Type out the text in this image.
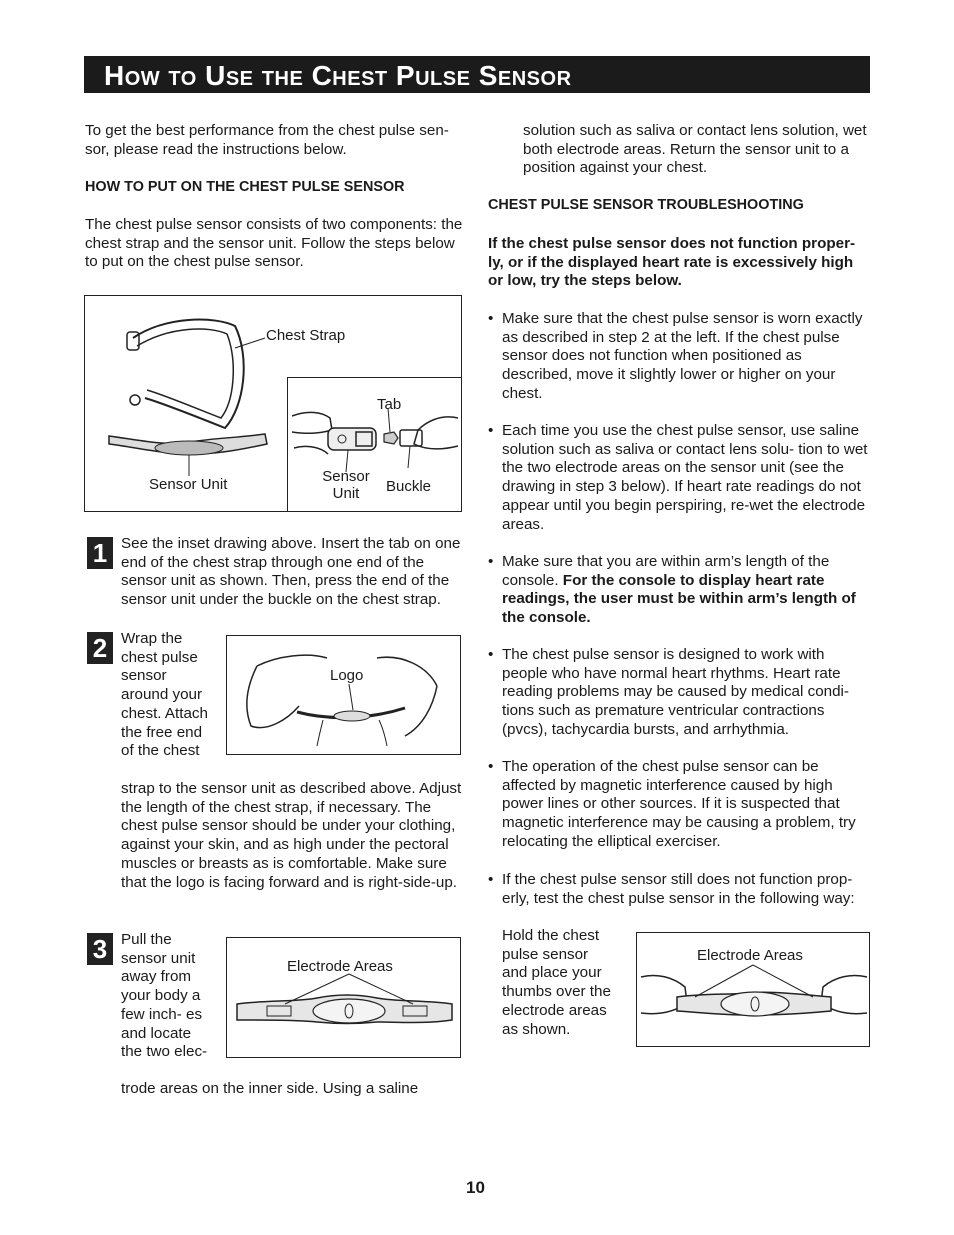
How to Use the Chest Pulse Sensor
To get the best performance from the chest pulse sen- sor, please read the instructions below.
HOW TO PUT ON THE CHEST PULSE SENSOR
The chest pulse sensor consists of two components: the chest strap and the sensor unit. Follow the steps below to put on the chest pulse sensor.
Chest Strap
Sensor Unit
Tab
Sensor Unit	Buckle
1 See the inset drawing above. Insert the tab on one end of the chest strap through one end of the sensor unit as shown. Then, press the end of the sensor unit under the buckle on the chest strap.
2 Wrap the chest pulse sensor around your chest. Attach the free end of the chest
strap to the sensor unit as described above. Adjust the length of the chest strap, if necessary. The chest pulse sensor should be under your clothing, against your skin, and as high under the pectoral muscles or breasts as is comfortable. Make sure that the logo is facing forward and is right-side-up.
Logo
3 Pull the sensor unit away from your body a few inch- es and locate the two elec-
trode areas on the inner side. Using a saline
Electrode Areas
solution such as saliva or contact lens solution, wet both electrode areas. Return the sensor unit to a position against your chest.
CHEST PULSE SENSOR TROUBLESHOOTING
If the chest pulse sensor does not function proper- ly, or if the displayed heart rate is excessively high or low, try the steps below.
• Make sure that the chest pulse sensor is worn exactly as described in step 2 at the left. If the chest pulse sensor does not function when positioned as described, move it slightly lower or higher on your chest.
• Each time you use the chest pulse sensor, use saline solution such as saliva or contact lens solu- tion to wet the two electrode areas on the sensor unit (see the drawing in step 3 below). If heart rate readings do not appear until you begin perspiring, re-wet the electrode areas.
• Make sure that you are within arm’s length of the console. For the console to display heart rate readings, the user must be within arm’s length of the console.
• The chest pulse sensor is designed to work with people who have normal heart rhythms. Heart rate reading problems may be caused by medical condi- tions such as premature ventricular contractions (pvcs), tachycardia bursts, and arrhythmia.
• The operation of the chest pulse sensor can be affected by magnetic interference caused by high power lines or other sources. If it is suspected that magnetic interference may be causing a problem, try relocating the elliptical exerciser.
• If the chest pulse sensor still does not function prop- erly, test the chest pulse sensor in the following way:
Hold the chest pulse sensor and place your thumbs over the electrode areas as shown.
Electrode Areas
10
